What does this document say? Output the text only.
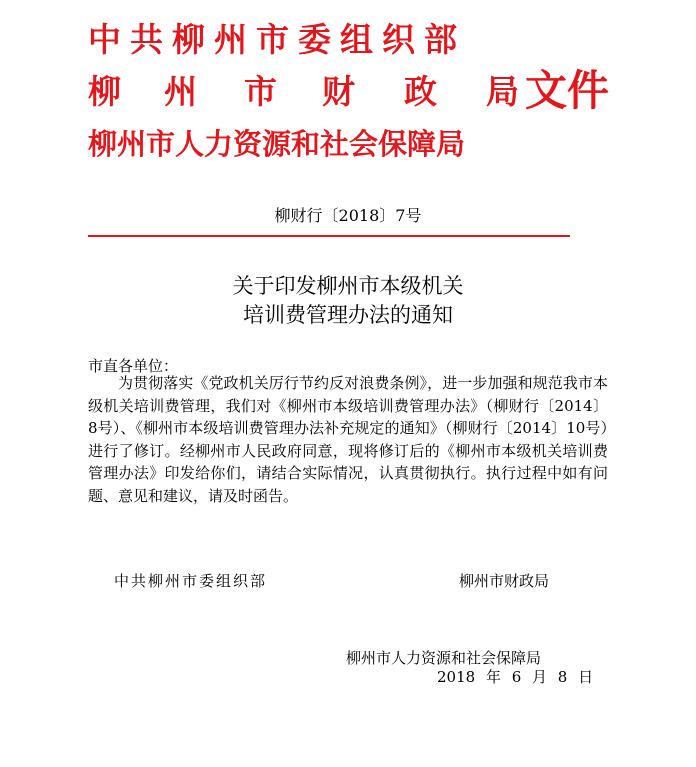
中共柳州市委组织部
柳 州 市 财 政 局 文件
柳州市人力资源和社会保障局
柳财行〔2018〕7号
关于印发柳州市本级机关
培训费管理办法的通知
市直各单位：

为贯彻落实《党政机关厉行节约反对浪费条例》，进一步加强和规范我市本级机关培训费管理，我们对《柳州市本级培训费管理办法》（柳财行〔2014〕8号）、《柳州市本级培训费管理办法补充规定的通知》（柳财行〔2014〕10号）进行了修订。经柳州市人民政府同意，现将修订后的《柳州市本级机关培训费管理办法》印发给你们，请结合实际情况，认真贯彻执行。执行过程中如有问题、意见和建议，请及时函告。

中共柳州市委组织部	柳州市财政局
柳州市人力资源和社会保障局
2018 年 6 月 8 日
